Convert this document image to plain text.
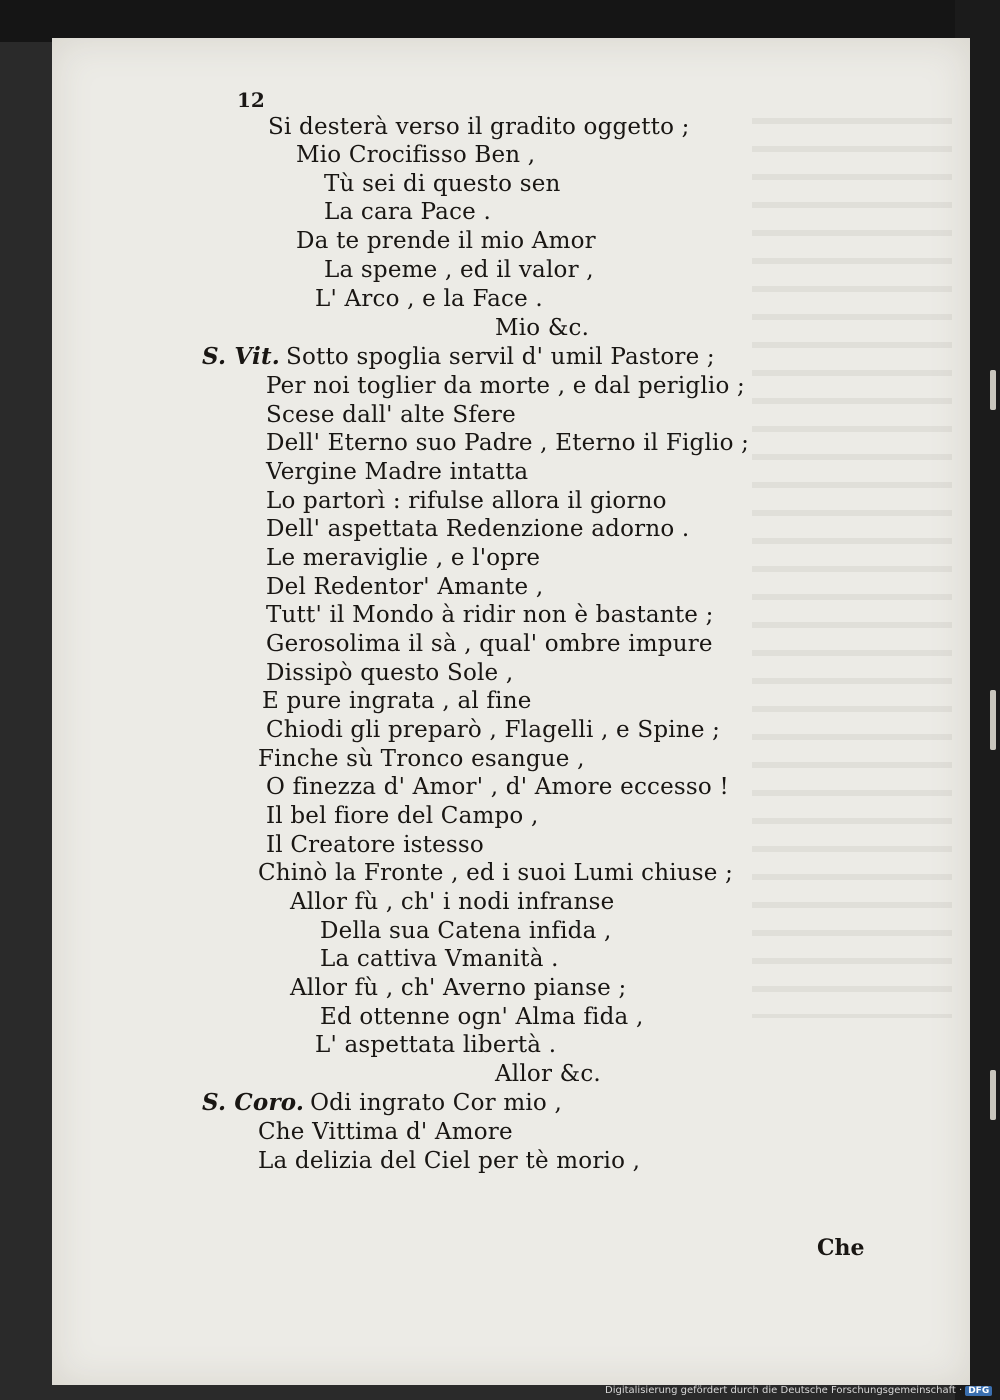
12
Si desterà verso il gradito oggetto ;
Mio Crocifisso Ben ,
Tù sei di questo sen
La cara Pace .
Da te prende il mio Amor
La speme , ed il valor ,
L' Arco , e la Face .
Mio &c.
S. Vit. Sotto spoglia servil d' umil Pastore ;
Per noi toglier da morte , e dal periglio ;
Scese dall' alte Sfere
Dell' Eterno suo Padre , Eterno il Figlio ;
Vergine Madre intatta
Lo partorì : rifulse allora il giorno
Dell' aspettata Redenzione adorno .
Le meraviglie , e l'opre
Del Redentor' Amante ,
Tutt' il Mondo à ridir non è bastante ;
Gerosolima il sà , qual' ombre impure
Dissipò questo Sole ,
E pure ingrata , al fine
Chiodi gli preparò , Flagelli , e Spine ;
Finche sù Tronco esangue ,
O finezza d' Amor' , d' Amore eccesso !
Il bel fiore del Campo ,
Il Creatore istesso
Chinò la Fronte , ed i suoi Lumi chiuse ;
Allor fù , ch' i nodi infranse
Della sua Catena infida ,
La cattiva Vmanità .
Allor fù , ch' Averno pianse ;
Ed ottenne ogn' Alma fida ,
L' aspettata libertà .
Allor &c.
S. Coro. Odi ingrato Cor mio ,
Che Vittima d' Amore
La delizia del Ciel per tè morio ,
Che
Digitalisierung gefördert durch die Deutsche Forschungsgemeinschaft · DFG
